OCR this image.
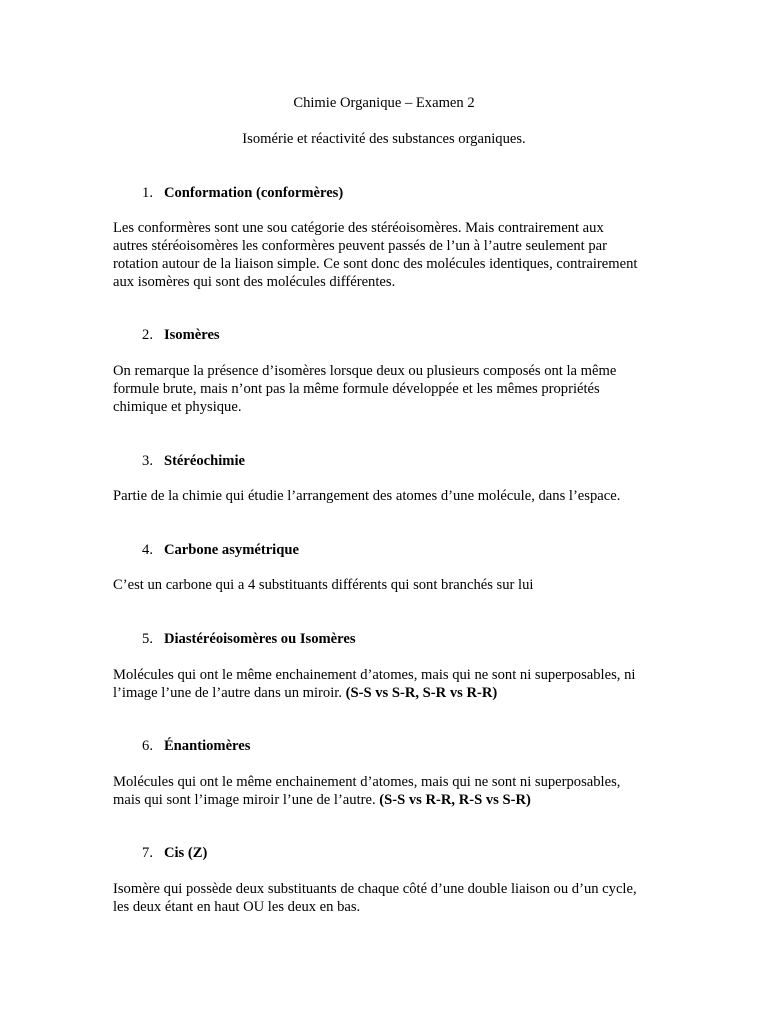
Chimie Organique – Examen 2

Isomérie et réactivité des substances organiques.

1. Conformation (conformères)

Les conformères sont une sou catégorie des stéréoisomères. Mais contrairement aux
autres stéréoisomères les conformères peuvent passés de l’un à l’autre seulement par
rotation autour de la liaison simple. Ce sont donc des molécules identiques, contrairement
aux isomères qui sont des molécules différentes.

2. Isomères

On remarque la présence d’isomères lorsque deux ou plusieurs composés ont la même
formule brute, mais n’ont pas la même formule développée et les mêmes propriétés
chimique et physique.

3. Stéréochimie

Partie de la chimie qui étudie l’arrangement des atomes d’une molécule, dans l’espace.

4. Carbone asymétrique

C’est un carbone qui a 4 substituants différents qui sont branchés sur lui

5. Diastéréoisomères ou Isomères

Molécules qui ont le même enchainement d’atomes, mais qui ne sont ni superposables, ni
l’image l’une de l’autre dans un miroir. (S-S vs S-R, S-R vs R-R)

6. Énantiomères

Molécules qui ont le même enchainement d’atomes, mais qui ne sont ni superposables,
mais qui sont l’image miroir l’une de l’autre. (S-S vs R-R, R-S vs S-R)

7. Cis (Z)

Isomère qui possède deux substituants de chaque côté d’une double liaison ou d’un cycle,
les deux étant en haut OU les deux en bas.
